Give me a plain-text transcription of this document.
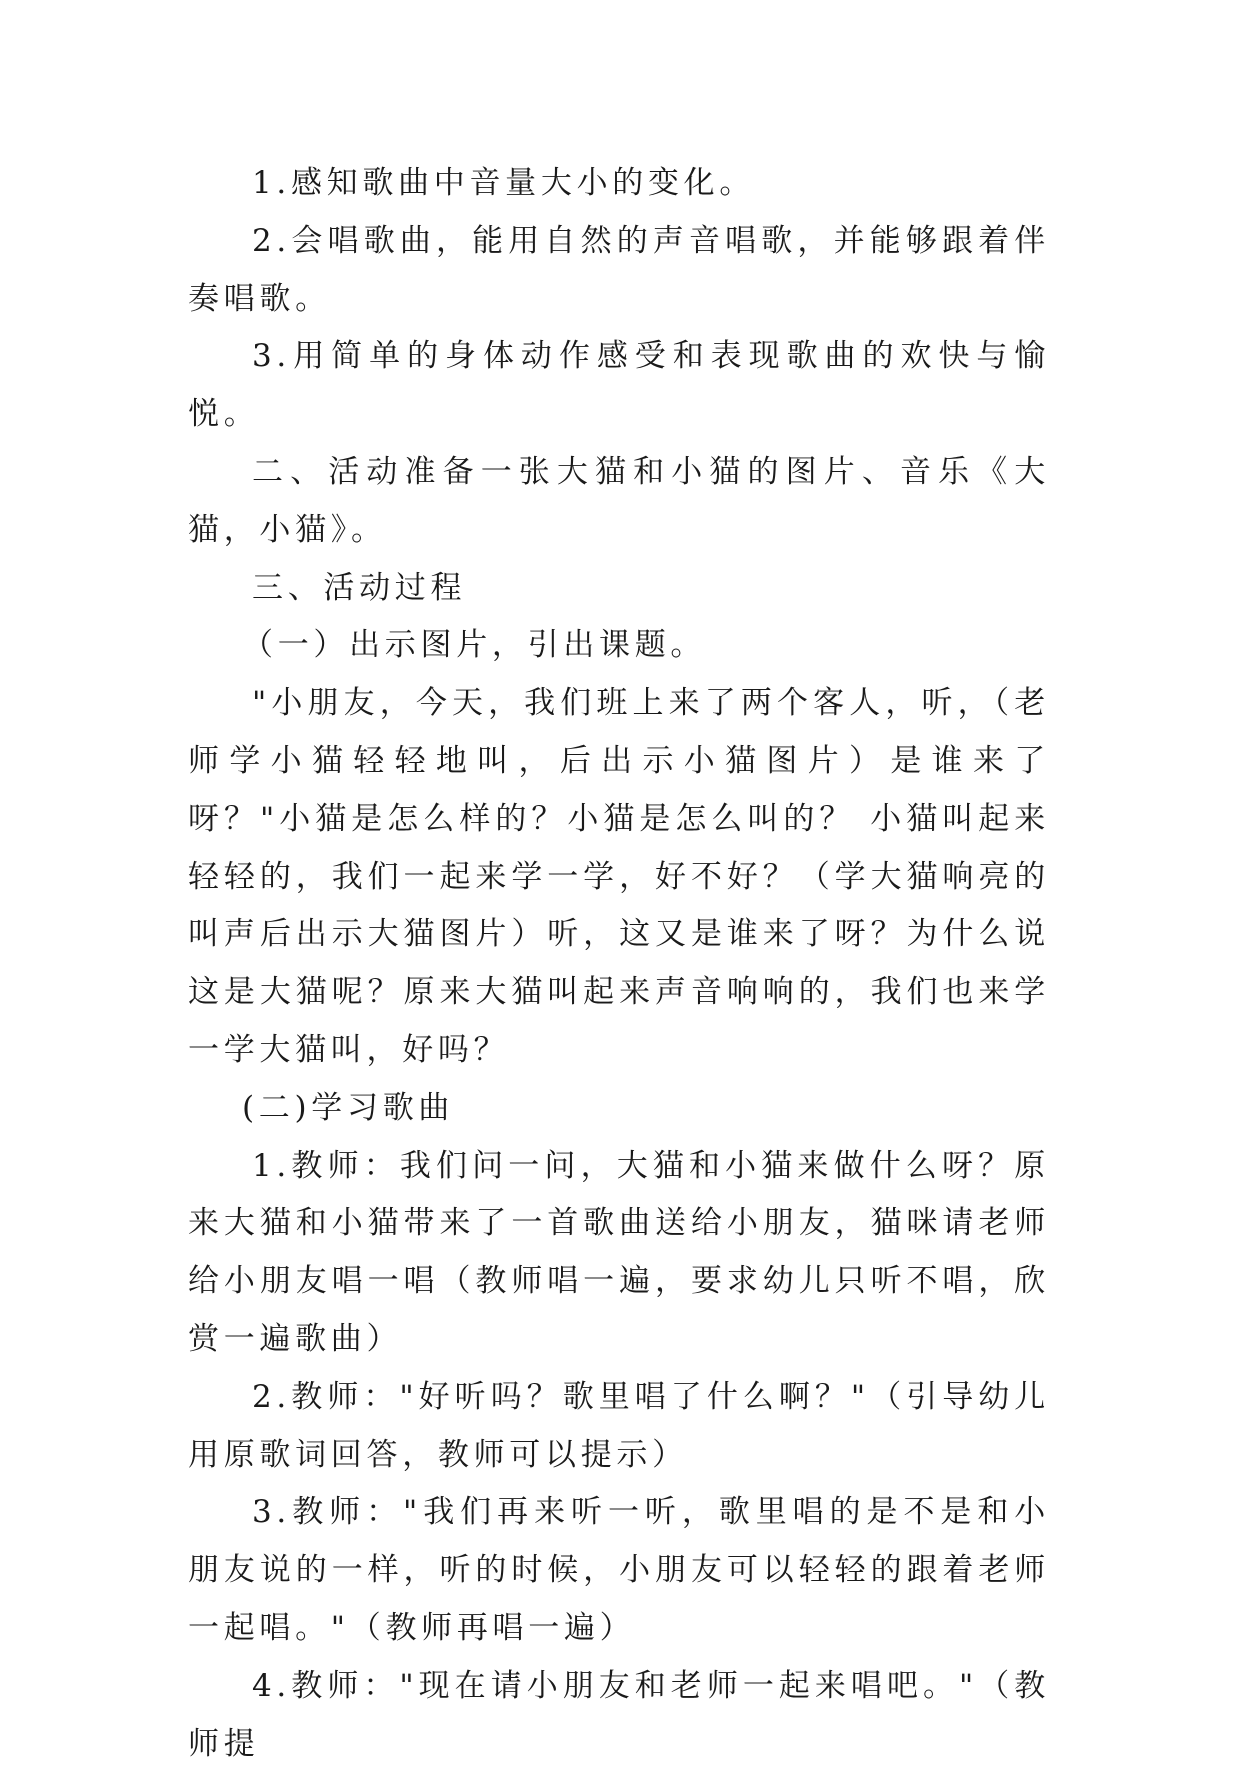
1.感知歌曲中音量大小的变化。

2.会唱歌曲，能用自然的声音唱歌，并能够跟着伴奏唱歌。

3.用简单的身体动作感受和表现歌曲的欢快与愉悦。

二、活动准备一张大猫和小猫的图片、音乐《大猫，小猫》。

三、活动过程

（一）出示图片，引出课题。

"小朋友，今天，我们班上来了两个客人，听，（老师学小猫轻轻地叫，后出示小猫图片）是谁来了呀？"小猫是怎么样的？小猫是怎么叫的？ 小猫叫起来轻轻的，我们一起来学一学，好不好？（学大猫响亮的叫声后出示大猫图片）听，这又是谁来了呀？为什么说这是大猫呢？原来大猫叫起来声音响响的，我们也来学一学大猫叫，好吗？

(二)学习歌曲

1.教师：我们问一问，大猫和小猫来做什么呀？原来大猫和小猫带来了一首歌曲送给小朋友，猫咪请老师给小朋友唱一唱（教师唱一遍，要求幼儿只听不唱，欣赏一遍歌曲）

2.教师："好听吗？歌里唱了什么啊？"（引导幼儿用原歌词回答，教师可以提示）

3.教师："我们再来听一听，歌里唱的是不是和小朋友说的一样，听的时候，小朋友可以轻轻的跟着老师一起唱。"（教师再唱一遍）

4.教师："现在请小朋友和老师一起来唱吧。"（教师提
